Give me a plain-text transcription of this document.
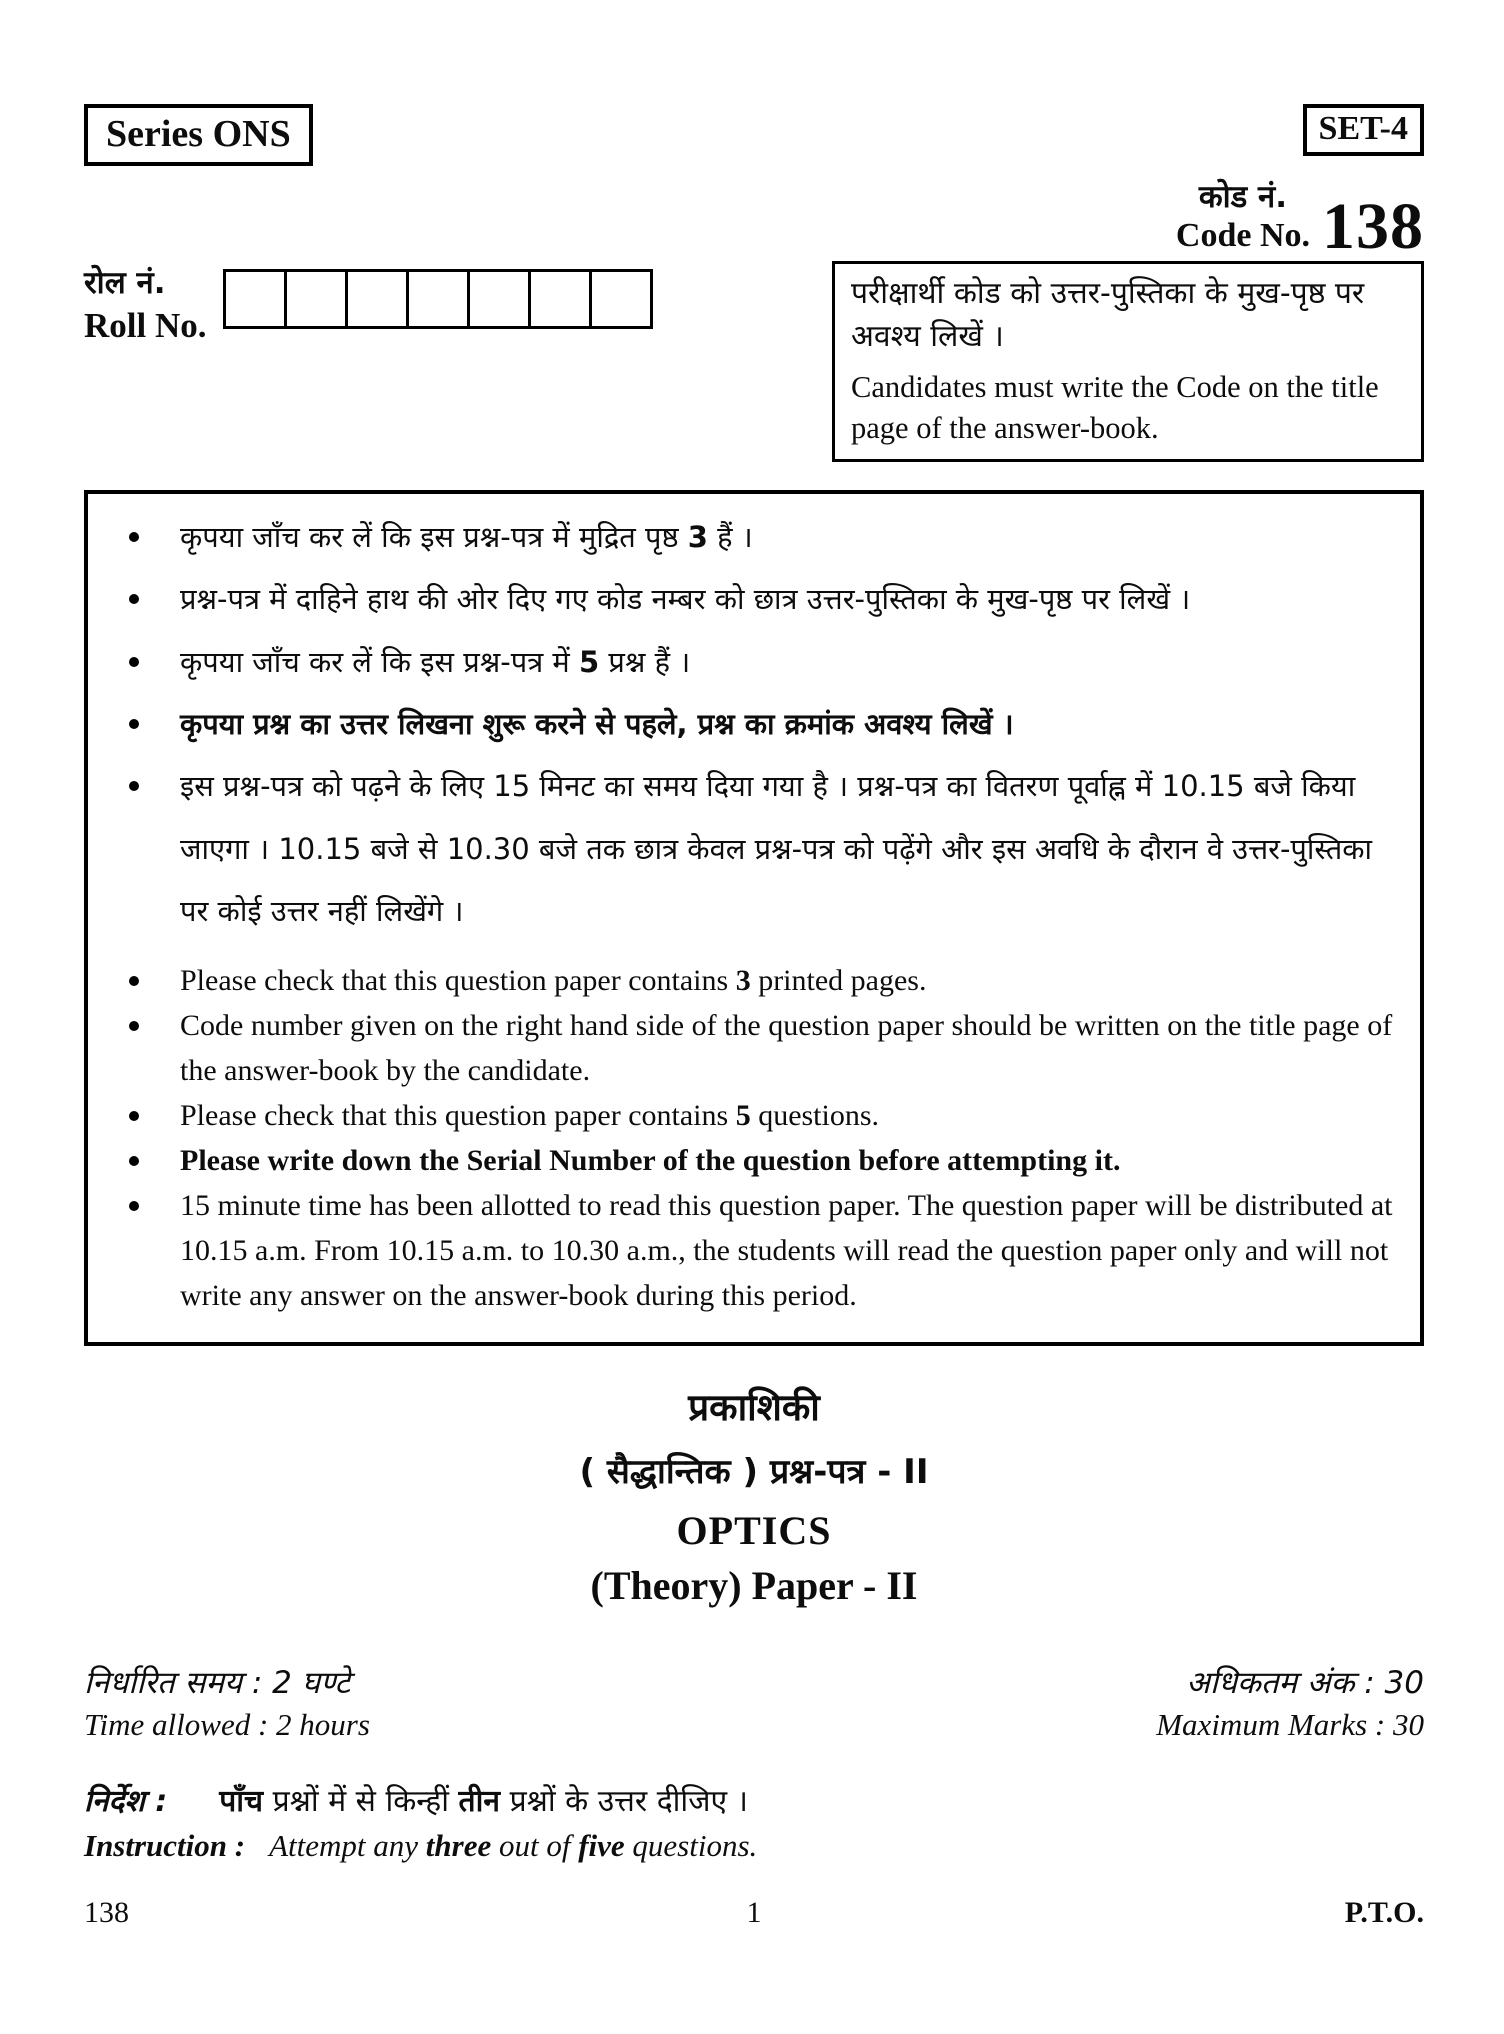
Series ONS	SET-4
कोड नं.
Code No. 138
रोल नं.
Roll No.
परीक्षार्थी कोड को उत्तर-पुस्तिका के मुख-पृष्ठ पर अवश्य लिखें ।
Candidates must write the Code on the title page of the answer-book.
कृपया जाँच कर लें कि इस प्रश्न-पत्र में मुद्रित पृष्ठ 3 हैं ।
प्रश्न-पत्र में दाहिने हाथ की ओर दिए गए कोड नम्बर को छात्र उत्तर-पुस्तिका के मुख-पृष्ठ पर लिखें ।
कृपया जाँच कर लें कि इस प्रश्न-पत्र में 5 प्रश्न हैं ।
कृपया प्रश्न का उत्तर लिखना शुरू करने से पहले, प्रश्न का क्रमांक अवश्य लिखें ।
इस प्रश्न-पत्र को पढ़ने के लिए 15 मिनट का समय दिया गया है । प्रश्न-पत्र का वितरण पूर्वाह्न में 10.15 बजे किया जाएगा । 10.15 बजे से 10.30 बजे तक छात्र केवल प्रश्न-पत्र को पढ़ेंगे और इस अवधि के दौरान वे उत्तर-पुस्तिका पर कोई उत्तर नहीं लिखेंगे ।
Please check that this question paper contains 3 printed pages.
Code number given on the right hand side of the question paper should be written on the title page of the answer-book by the candidate.
Please check that this question paper contains 5 questions.
Please write down the Serial Number of the question before attempting it.
15 minute time has been allotted to read this question paper. The question paper will be distributed at 10.15 a.m. From 10.15 a.m. to 10.30 a.m., the students will read the question paper only and will not write any answer on the answer-book during this period.
प्रकाशिकी
( सैद्धान्तिक ) प्रश्न-पत्र - II
OPTICS
(Theory) Paper - II
निर्धारित समय : 2 घण्टे
Time allowed : 2 hours
अधिकतम अंक : 30
Maximum Marks : 30
निर्देश : पाँच प्रश्नों में से किन्हीं तीन प्रश्नों के उत्तर दीजिए ।
Instruction : Attempt any three out of five questions.
138	1	P.T.O.
